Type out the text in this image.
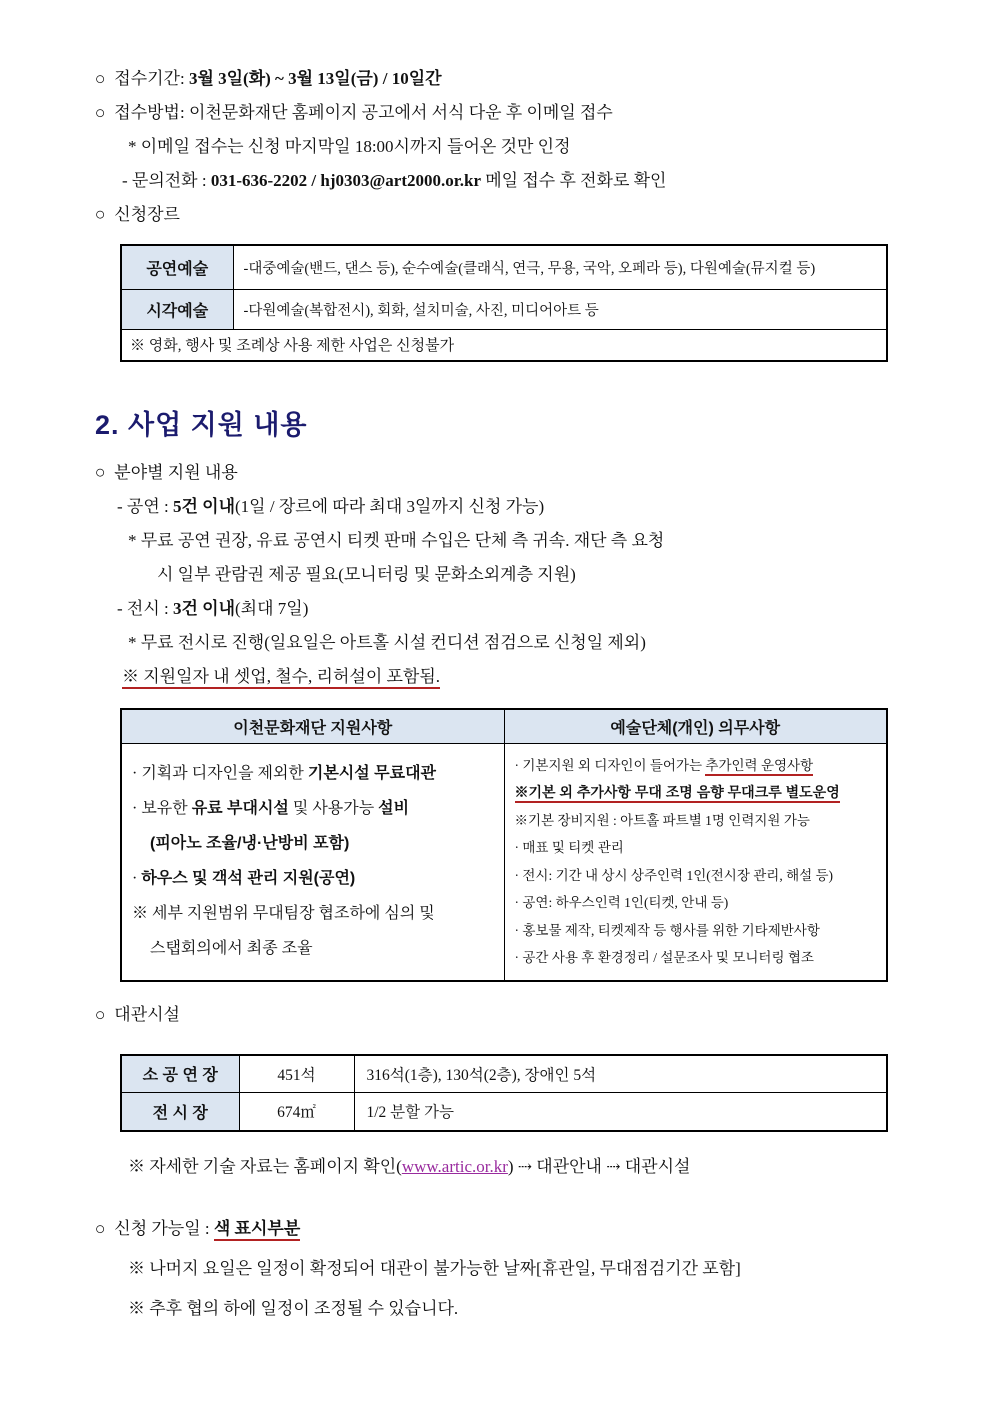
○ 접수기간: 3월 3일(화) ~ 3월 13일(금) / 10일간
○ 접수방법: 이천문화재단 홈페이지 공고에서 서식 다운 후 이메일 접수
* 이메일 접수는 신청 마지막일 18:00시까지 들어온 것만 인정
- 문의전화 : 031-636-2202 / hj0303@art2000.or.kr 메일 접수 후 전화로 확인
○ 신청장르
공연예술	-대중예술(밴드, 댄스 등), 순수예술(클래식, 연극, 무용, 국악, 오페라 등), 다원예술(뮤지컬 등)
시각예술	-다원예술(복합전시), 회화, 설치미술, 사진, 미디어아트 등
※ 영화, 행사 및 조례상 사용 제한 사업은 신청불가	
2. 사업 지원 내용
○ 분야별 지원 내용
- 공연 : 5건 이내(1일 / 장르에 따라 최대 3일까지 신청 가능)
* 무료 공연 권장, 유료 공연시 티켓 판매 수입은 단체 측 귀속. 재단 측 요청
시 일부 관람권 제공 필요(모니터링 및 문화소외계층 지원)
- 전시 : 3건 이내(최대 7일)
* 무료 전시로 진행(일요일은 아트홀 시설 컨디션 점검으로 신청일 제외)
※ 지원일자 내 셋업, 철수, 리허설이 포함됨.
이천문화재단 지원사항	예술단체(개인) 의무사항

· 기획과 디자인을 제외한 기본시설 무료대관
· 보유한 유료 부대시설 및 사용가능 설비
(피아노 조율/냉·난방비 포함)
· 하우스 및 객석 관리 지원(공연)
※ 세부 지원범위 무대팀장 협조하에 심의 및
스탭회의에서 최종 조율

· 기본지원 외 디자인이 들어가는 추가인력 운영사항
※기본 외 추가사항 무대 조명 음향 무대크루 별도운영
※기본 장비지원 : 아트홀 파트별 1명 인력지원 가능
· 매표 및 티켓 관리
· 전시: 기간 내 상시 상주인력 1인(전시장 관리, 해설 등)
· 공연: 하우스인력 1인(티켓, 안내 등)
· 홍보물 제작, 티켓제작 등 행사를 위한 기타제반사항
· 공간 사용 후 환경정리 / 설문조사 및 모니터링 협조
○ 대관시설
소 공 연 장	451석	316석(1층), 130석(2층), 장애인 5석
전 시 장	674㎡	1/2 분할 가능
※ 자세한 기술 자료는 홈페이지 확인(www.artic.or.kr) ⇢ 대관안내 ⇢ 대관시설
○ 신청 가능일 : 색 표시부분
※ 나머지 요일은 일정이 확정되어 대관이 불가능한 날짜[휴관일, 무대점검기간 포함]
※ 추후 협의 하에 일정이 조정될 수 있습니다.
